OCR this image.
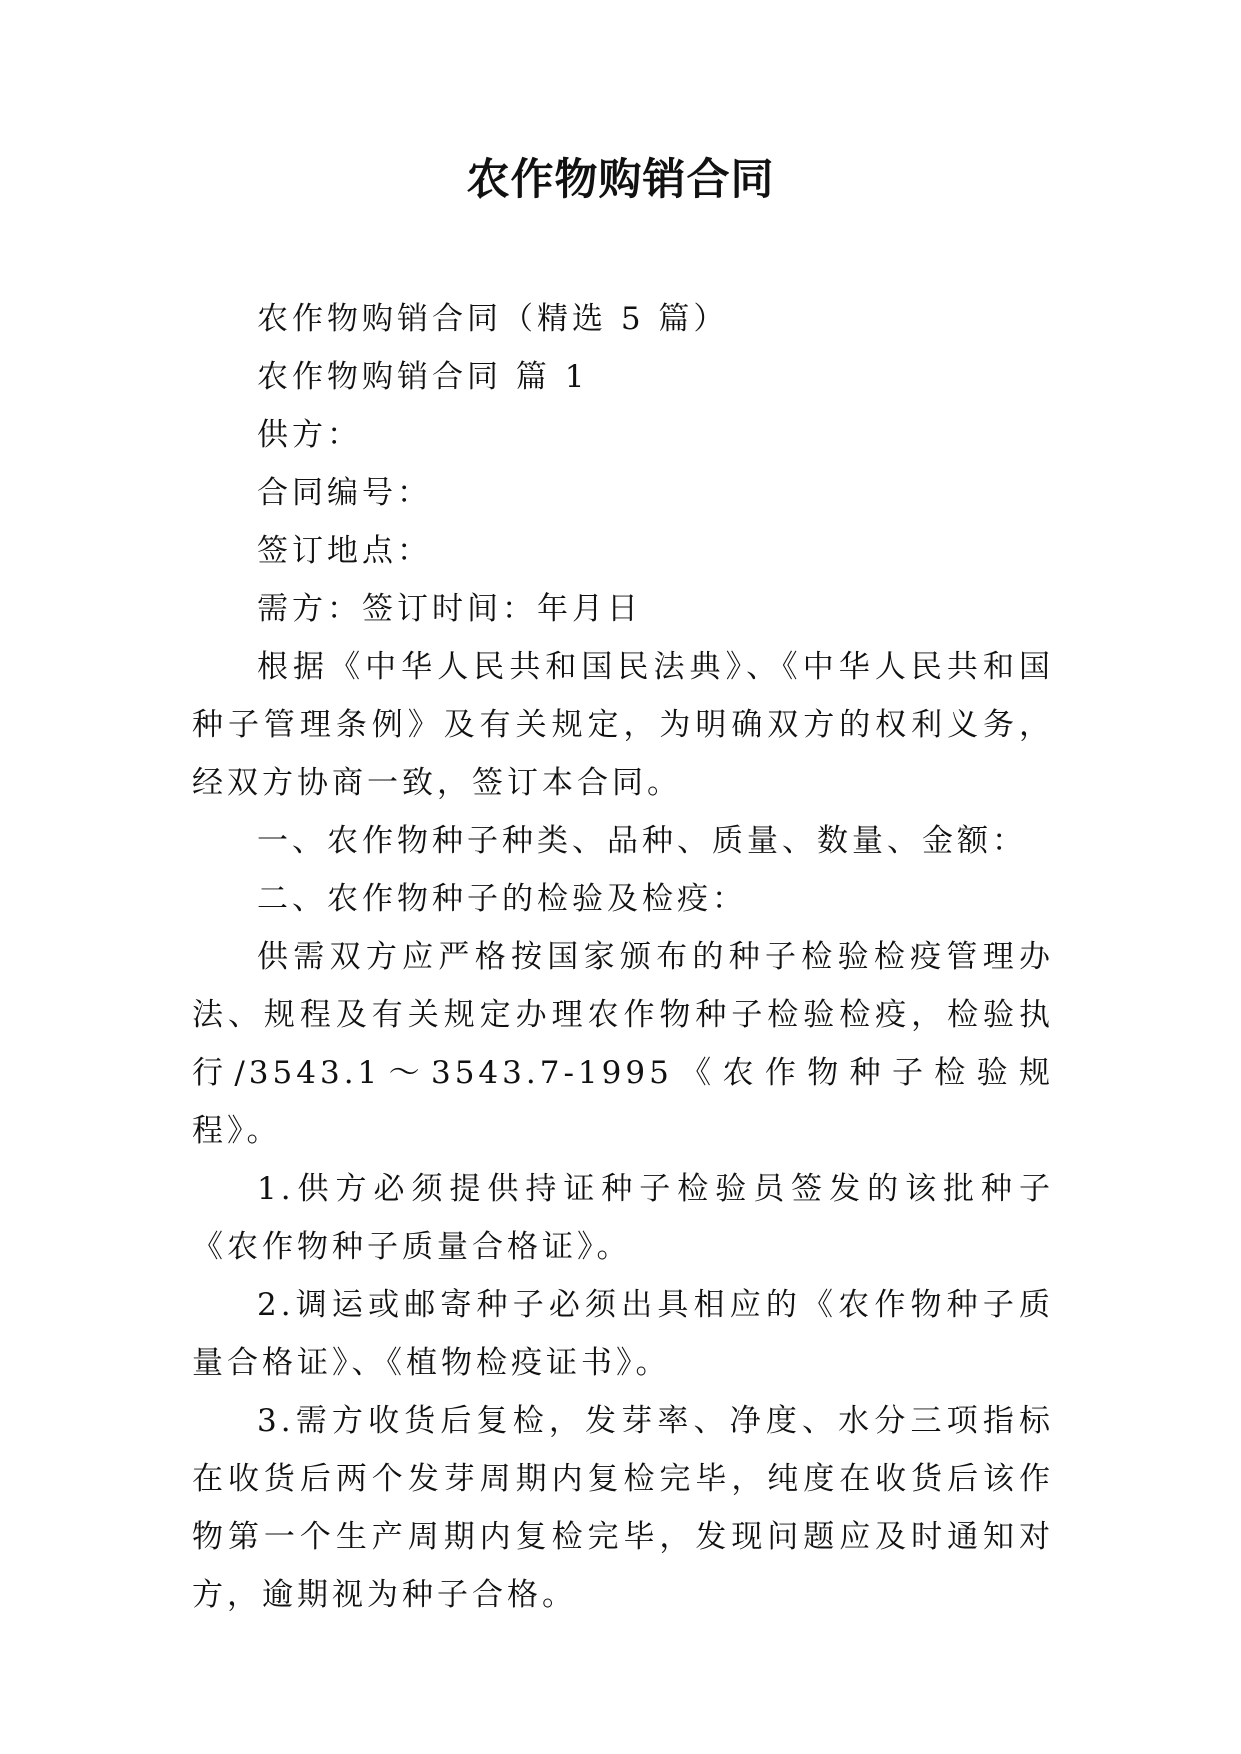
农作物购销合同

农作物购销合同（精选 5 篇）

农作物购销合同 篇 1

供方：

合同编号：

签订地点：

需方：签订时间：年月日

根据《中华人民共和国民法典》、《中华人民共和国种子管理条例》及有关规定，为明确双方的权利义务，经双方协商一致，签订本合同。

一、农作物种子种类、品种、质量、数量、金额：

二、农作物种子的检验及检疫：

供需双方应严格按国家颁布的种子检验检疫管理办法、规程及有关规定办理农作物种子检验检疫，检验执行/3543.1～3543.7-1995《农作物种子检验规程》。

1.供方必须提供持证种子检验员签发的该批种子《农作物种子质量合格证》。

2.调运或邮寄种子必须出具相应的《农作物种子质量合格证》、《植物检疫证书》。

3.需方收货后复检，发芽率、净度、水分三项指标在收货后两个发芽周期内复检完毕，纯度在收货后该作物第一个生产周期内复检完毕，发现问题应及时通知对方，逾期视为种子合格。
